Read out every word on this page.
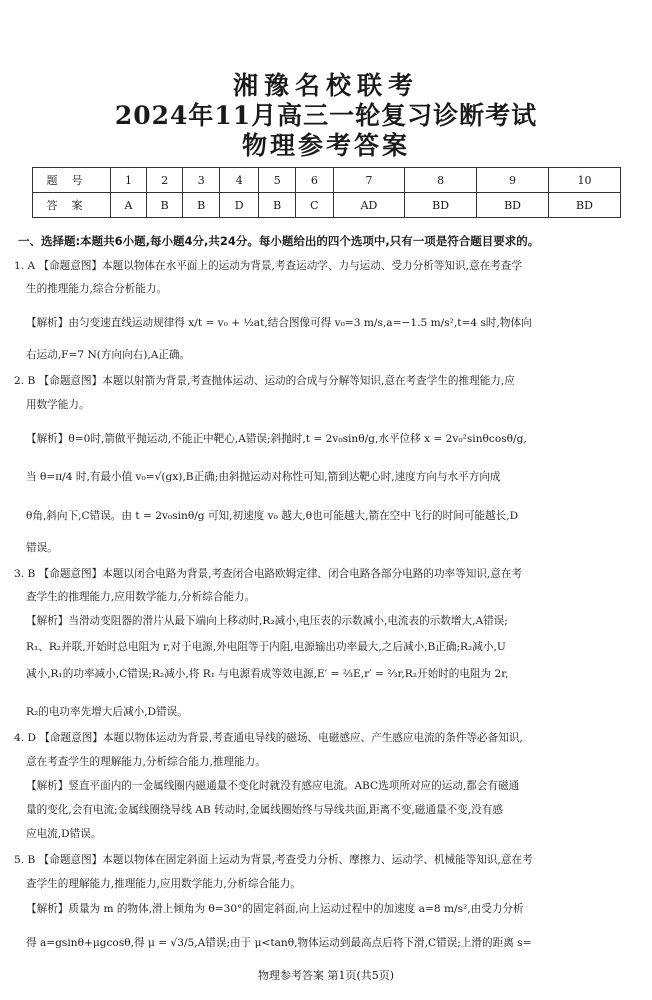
湘豫名校联考
2024年11月高三一轮复习诊断考试
物理参考答案
题号	1	2	3	4	5	6	7	8	9	10
答案	A	B	B	D	B	C	AD	BD	BD	BD
一、选择题:本题共6小题,每小题4分,共24分。每小题给出的四个选项中,只有一项是符合题目要求的。
1. A 【命题意图】本题以物体在水平面上的运动为背景,考查运动学、力与运动、受力分析等知识,意在考查学
生的推理能力,综合分析能力。
【解析】由匀变速直线运动规律得 x/t = v₀ + ½at,结合图像可得 v₀=3 m/s,a=−1.5 m/s²,t=4 s时,物体向
右运动,F=7 N(方向向右),A正确。
2. B 【命题意图】本题以射箭为背景,考查抛体运动、运动的合成与分解等知识,意在考查学生的推理能力,应
用数学能力。
【解析】θ=0时,箭做平抛运动,不能正中靶心,A错误;斜抛时,t = 2v₀sinθ/g,水平位移 x = 2v₀²sinθcosθ/g,
当 θ=π/4 时,有最小值 v₀=√(gx),B正确;由斜抛运动对称性可知,箭到达靶心时,速度方向与水平方向成
θ角,斜向下,C错误。由 t = 2v₀sinθ/g 可知,初速度 v₀ 越大,θ也可能越大,箭在空中飞行的时间可能越长,D
错误。
3. B 【命题意图】本题以闭合电路为背景,考查闭合电路欧姆定律、闭合电路各部分电路的功率等知识,意在考
查学生的推理能力,应用数学能力,分析综合能力。
【解析】当滑动变阻器的滑片从最下端向上移动时,R₂减小,电压表的示数减小,电流表的示数增大,A错误;
R₁、R₂并联,开始时总电阻为 r,对于电源,外电阻等于内阻,电源输出功率最大,之后减小,B正确;R₂减小,U
减小,R₁的功率减小,C错误;R₂减小,将 R₁ 与电源看成等效电源,E′ = ⅔E,r′ = ⅔r,R₂开始时的电阻为 2r,
R₂的电功率先增大后减小,D错误。
4. D 【命题意图】本题以物体运动为背景,考查通电导线的磁场、电磁感应、产生感应电流的条件等必备知识,
意在考查学生的理解能力,分析综合能力,推理能力。
【解析】竖直平面内的一金属线圈内磁通量不变化时就没有感应电流。ABC选项所对应的运动,都会有磁通
量的变化,会有电流;金属线圈绕导线 AB 转动时,金属线圈始终与导线共面,距离不变,磁通量不变,没有感
应电流,D错误。
5. B 【命题意图】本题以物体在固定斜面上运动为背景,考查受力分析、摩擦力、运动学、机械能等知识,意在考
查学生的理解能力,推理能力,应用数学能力,分析综合能力。
【解析】质量为 m 的物体,滑上倾角为 θ=30°的固定斜面,向上运动过程中的加速度 a=8 m/s²,由受力分析
得 a=gsinθ+μgcosθ,得 μ = √3/5,A错误;由于 μ<tanθ,物体运动到最高点后将下滑,C错误;上滑的距离 s=
物理参考答案 第1页(共5页)
